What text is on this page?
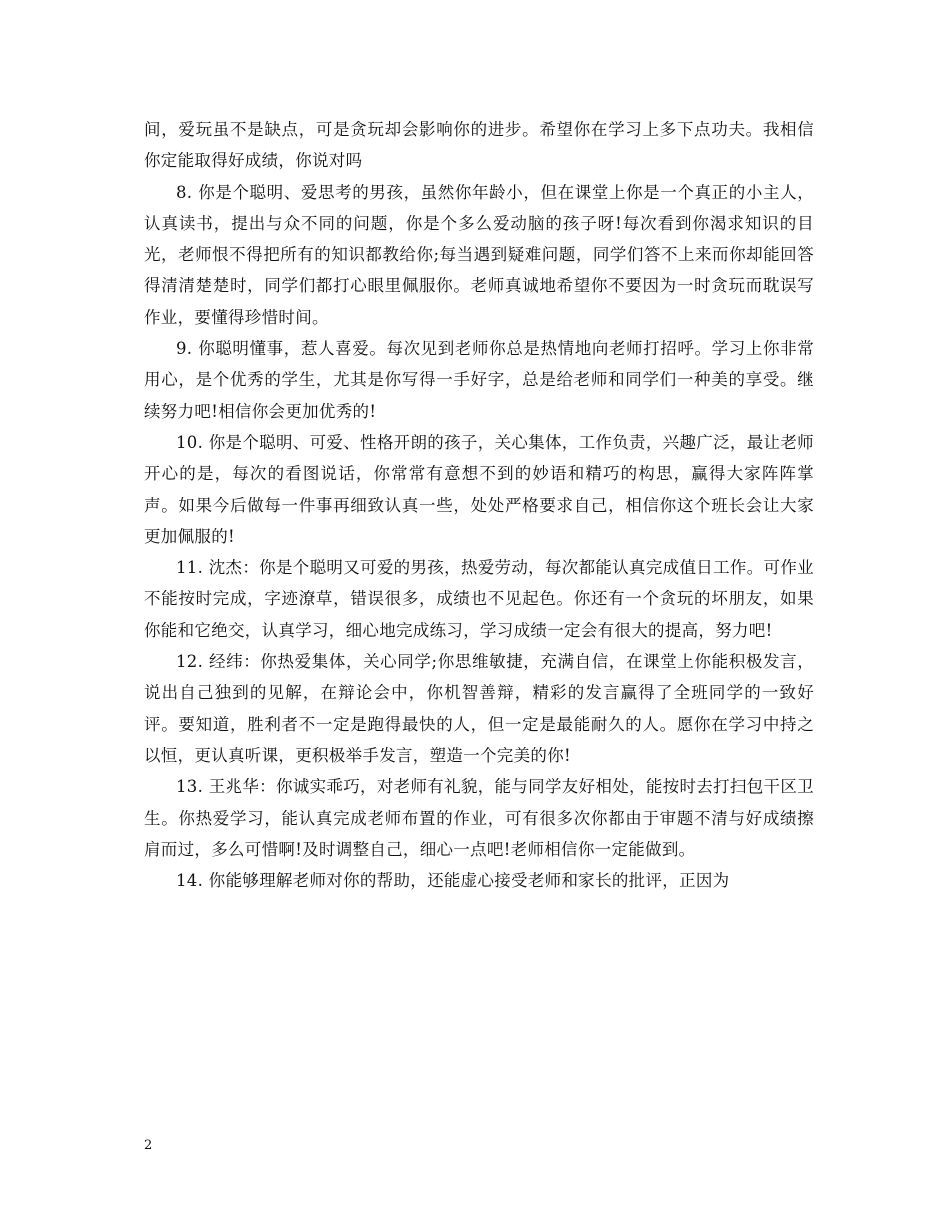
间，爱玩虽不是缺点，可是贪玩却会影响你的进步。希望你在学习上多下点功夫。我相信你定能取得好成绩，你说对吗

8. 你是个聪明、爱思考的男孩，虽然你年龄小，但在课堂上你是一个真正的小主人，认真读书，提出与众不同的问题，你是个多么爱动脑的孩子呀!每次看到你渴求知识的目光，老师恨不得把所有的知识都教给你;每当遇到疑难问题，同学们答不上来而你却能回答得清清楚楚时，同学们都打心眼里佩服你。老师真诚地希望你不要因为一时贪玩而耽误写作业，要懂得珍惜时间。

9. 你聪明懂事，惹人喜爱。每次见到老师你总是热情地向老师打招呼。学习上你非常用心，是个优秀的学生，尤其是你写得一手好字，总是给老师和同学们一种美的享受。继续努力吧!相信你会更加优秀的!

10. 你是个聪明、可爱、性格开朗的孩子，关心集体，工作负责，兴趣广泛，最让老师开心的是，每次的看图说话，你常常有意想不到的妙语和精巧的构思，赢得大家阵阵掌声。如果今后做每一件事再细致认真一些，处处严格要求自己，相信你这个班长会让大家更加佩服的!

11. 沈杰：你是个聪明又可爱的男孩，热爱劳动，每次都能认真完成值日工作。可作业不能按时完成，字迹潦草，错误很多，成绩也不见起色。你还有一个贪玩的坏朋友，如果你能和它绝交，认真学习，细心地完成练习，学习成绩一定会有很大的提高，努力吧!

12. 经纬：你热爱集体，关心同学;你思维敏捷，充满自信，在课堂上你能积极发言，说出自己独到的见解，在辩论会中，你机智善辩，精彩的发言赢得了全班同学的一致好评。要知道，胜利者不一定是跑得最快的人，但一定是最能耐久的人。愿你在学习中持之以恒，更认真听课，更积极举手发言，塑造一个完美的你!

13. 王兆华：你诚实乖巧，对老师有礼貌，能与同学友好相处，能按时去打扫包干区卫生。你热爱学习，能认真完成老师布置的作业，可有很多次你都由于审题不清与好成绩擦肩而过，多么可惜啊!及时调整自己，细心一点吧!老师相信你一定能做到。

14. 你能够理解老师对你的帮助，还能虚心接受老师和家长的批评，正因为

2
